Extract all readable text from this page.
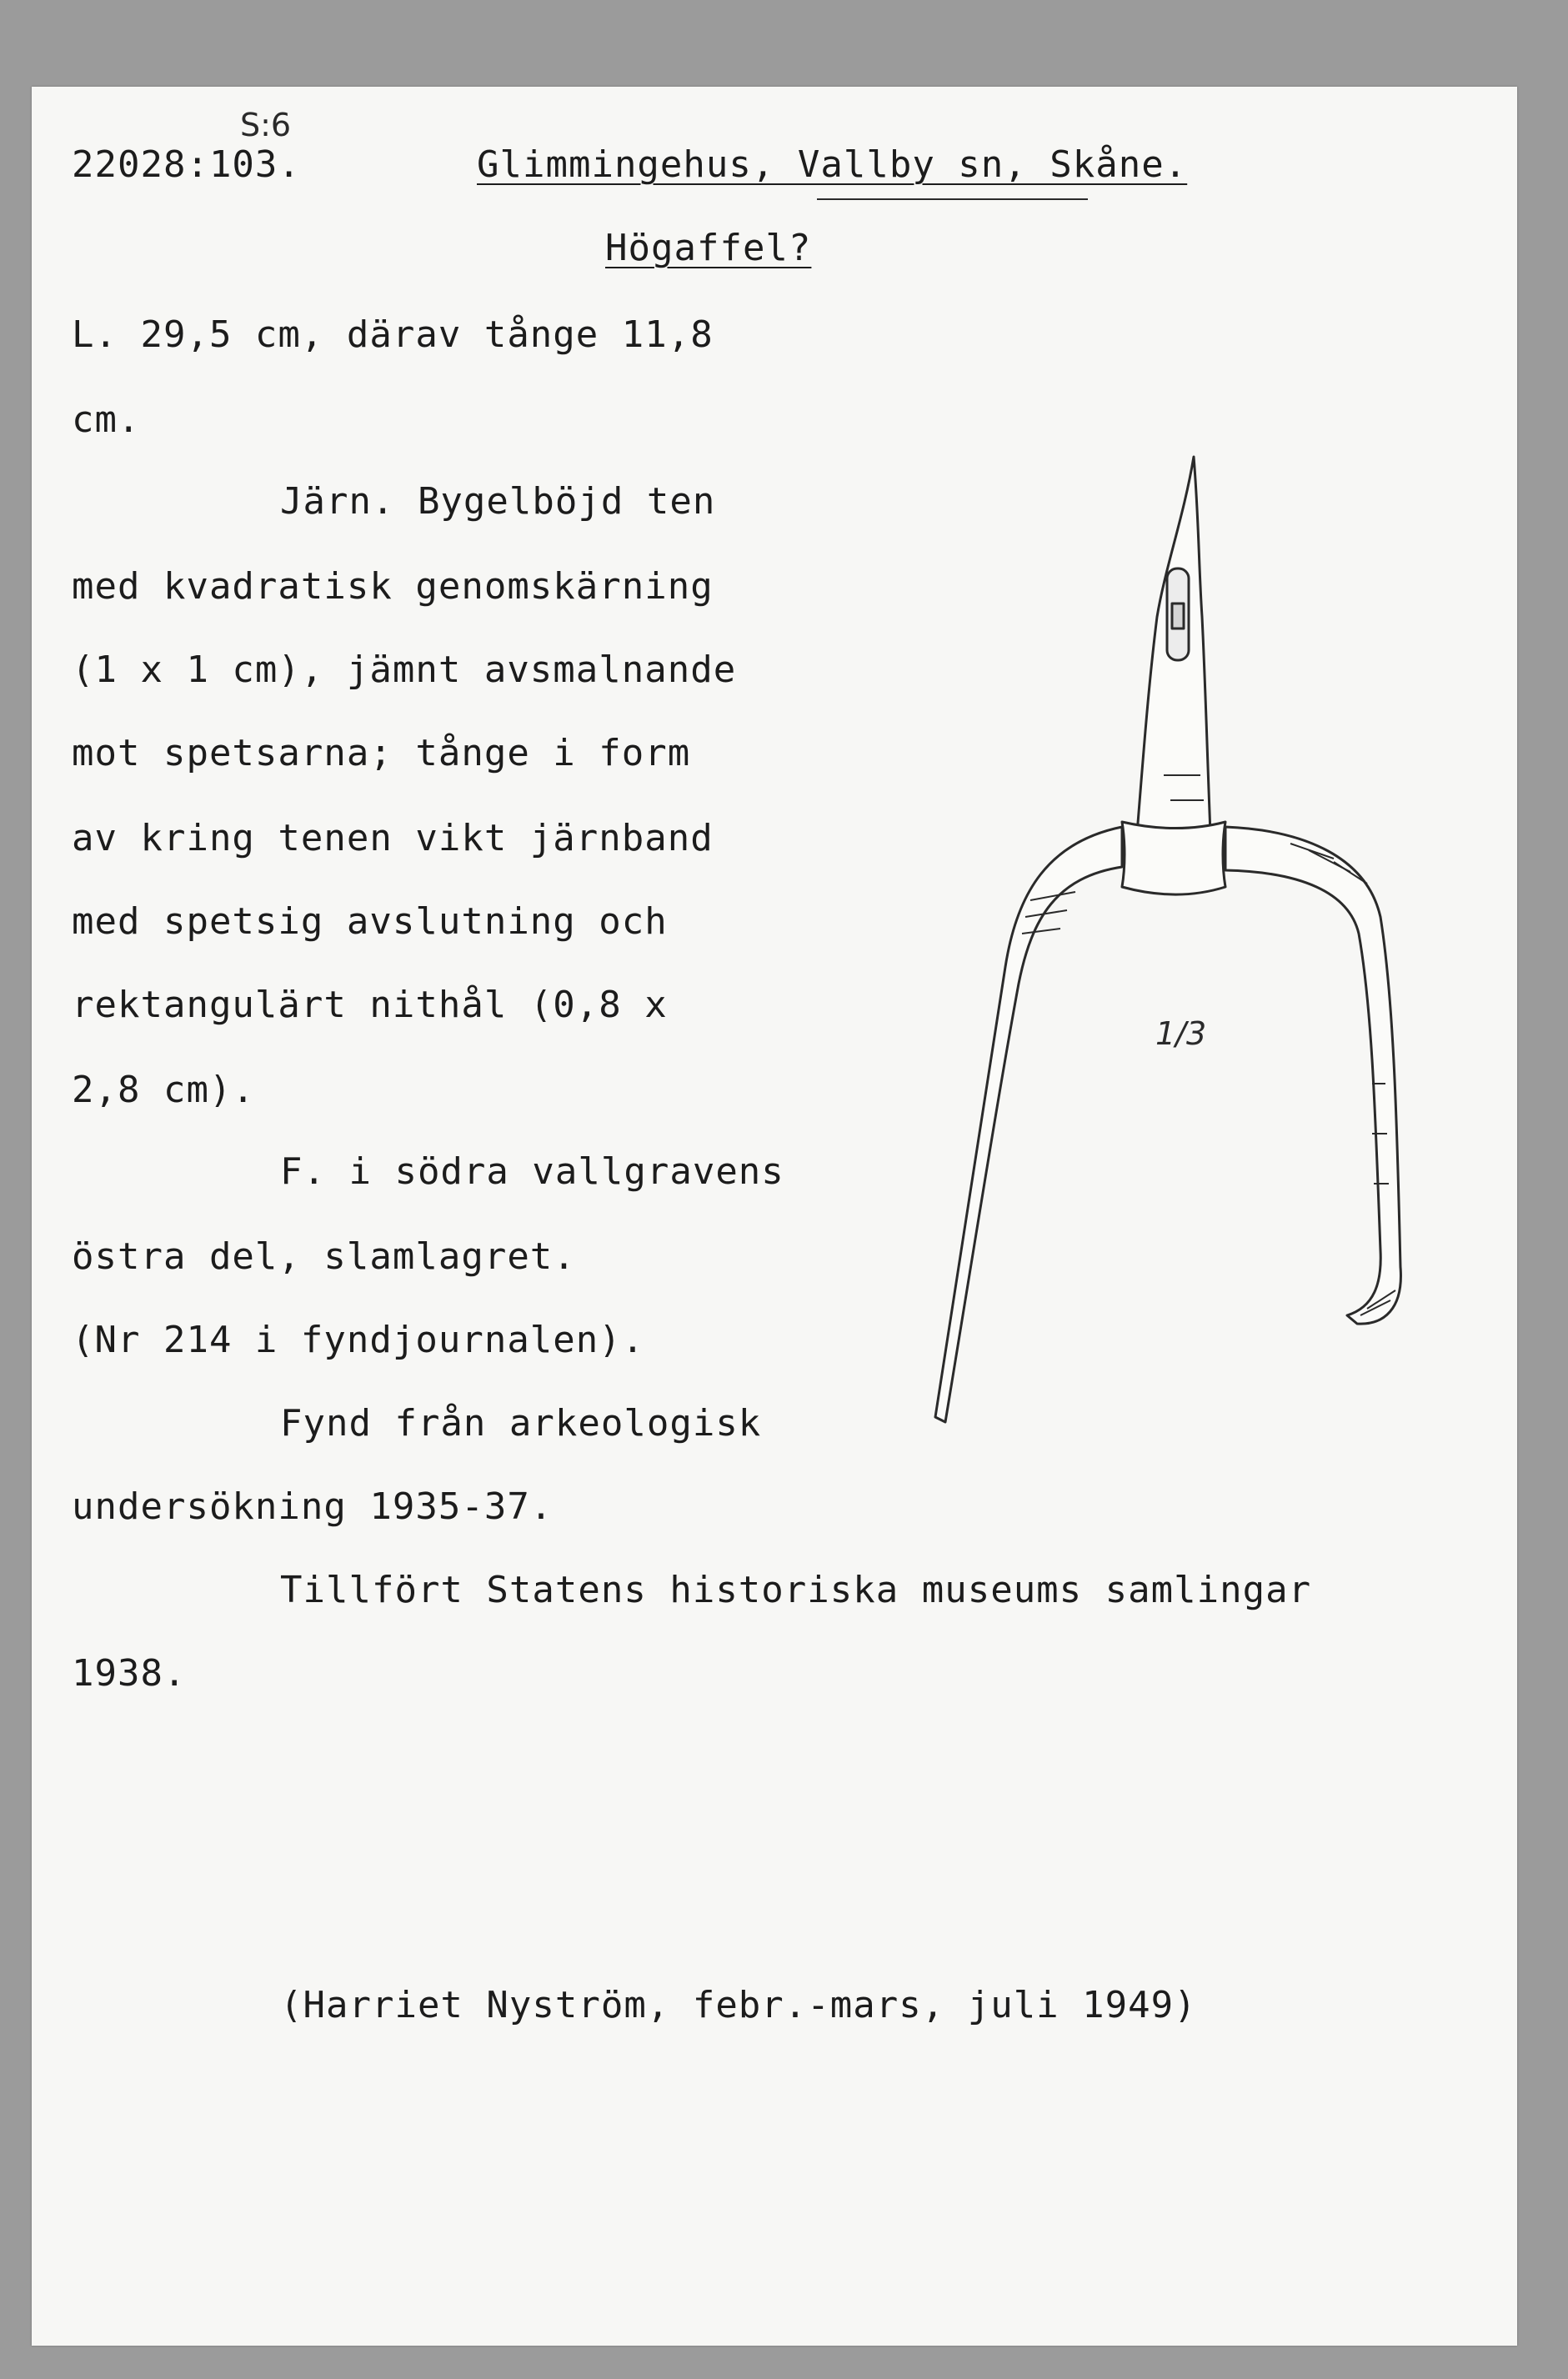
S:6
22028:103.	Glimmingehus, Vallby sn, Skåne.
Högaffel?
L. 29,5 cm, därav tånge 11,8
cm.
Järn. Bygelböjd ten
med kvadratisk genomskärning
(1 x 1 cm), jämnt avsmalnande
mot spetsarna; tånge i form
av kring tenen vikt järnband
med spetsig avslutning och
rektangulärt nithål (0,8 x
2,8 cm).
F. i södra vallgravens
östra del, slamlagret.
(Nr 214 i fyndjournalen).
Fynd från arkeologisk
undersökning 1935-37.
Tillfört Statens historiska museums samlingar
1938.
(Harriet Nyström, febr.-mars, juli 1949)
1/3
